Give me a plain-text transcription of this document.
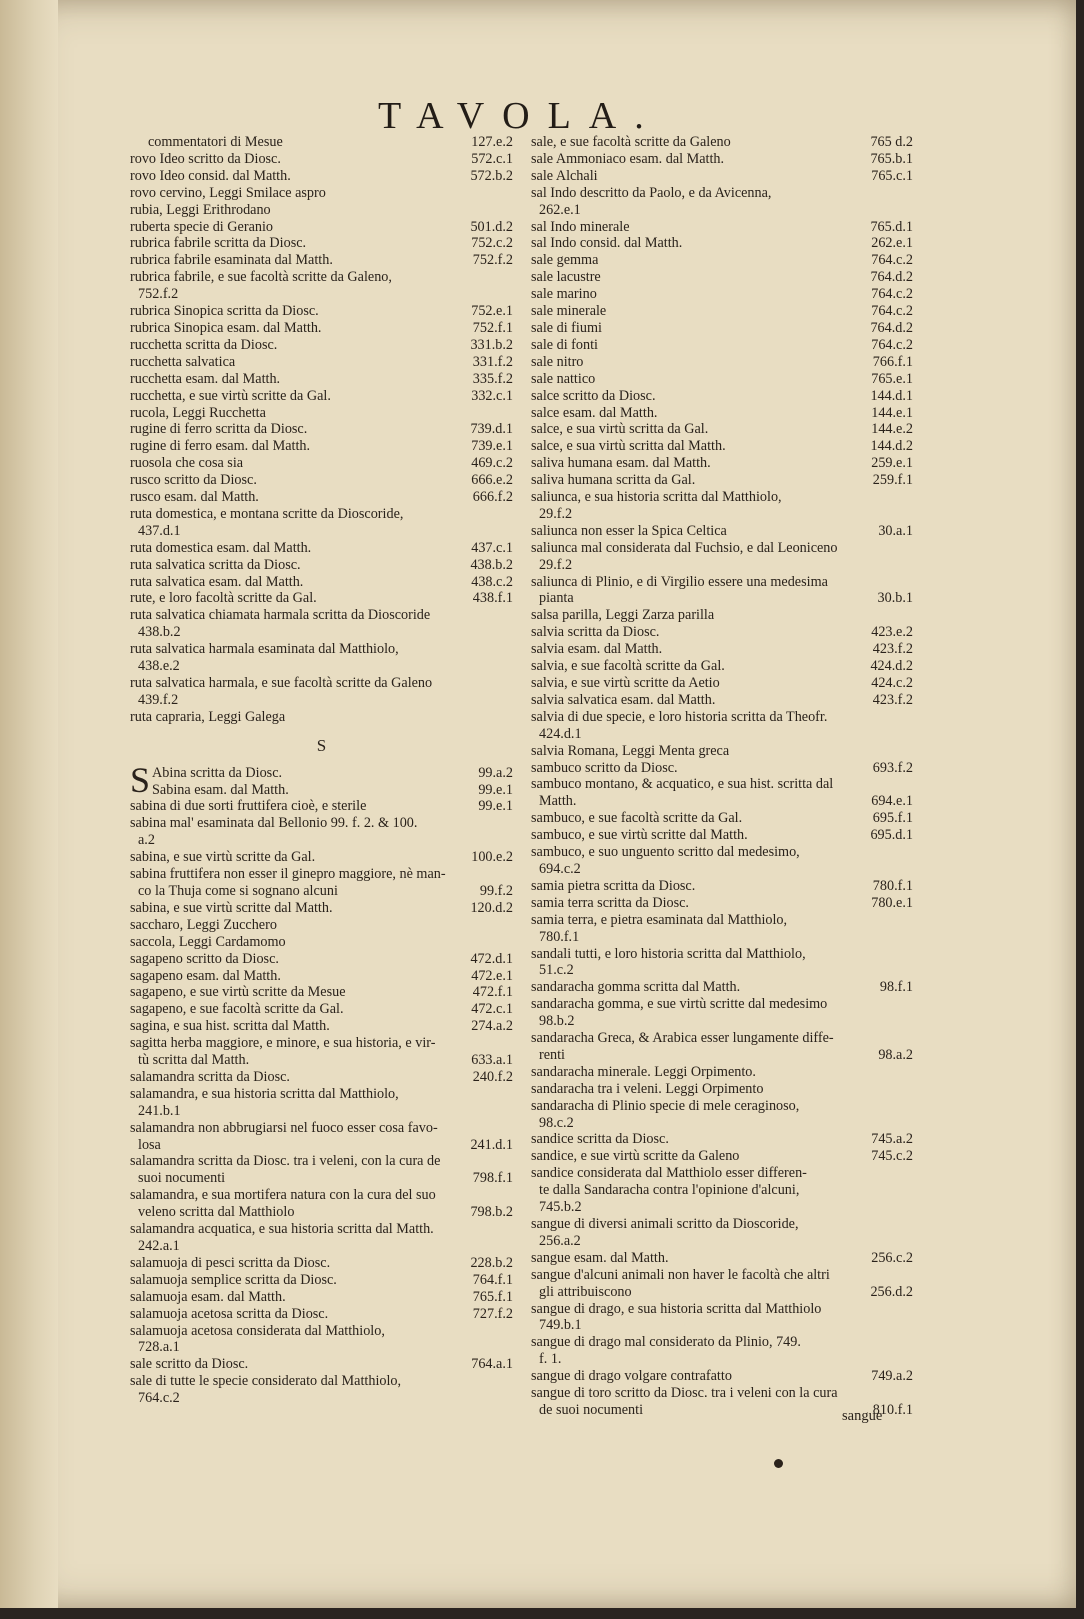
TAVOLA.
commentatori di Mesue	127.e.2
rovo Ideo scritto da Diosc.	572.c.1
rovo Ideo consid. dal Matth.	572.b.2
rovo cervino, Leggi Smilace aspro
rubia, Leggi Erithrodano
ruberta specie di Geranio	501.d.2
rubrica fabrile scritta da Diosc.	752.c.2
rubrica fabrile esaminata dal Matth.	752.f.2
rubrica fabrile, e sue facoltà scritte da Galeno,
752.f.2
rubrica Sinopica scritta da Diosc.	752.e.1
rubrica Sinopica esam. dal Matth.	752.f.1
rucchetta scritta da Diosc.	331.b.2
rucchetta salvatica	331.f.2
rucchetta esam. dal Matth.	335.f.2
rucchetta, e sue virtù scritte da Gal.	332.c.1
rucola, Leggi Rucchetta
rugine di ferro scritta da Diosc.	739.d.1
rugine di ferro esam. dal Matth.	739.e.1
ruosola che cosa sia	469.c.2
rusco scritto da Diosc.	666.e.2
rusco esam. dal Matth.	666.f.2
ruta domestica, e montana scritte da Dioscoride,
437.d.1
ruta domestica esam. dal Matth.	437.c.1
ruta salvatica scritta da Diosc.	438.b.2
ruta salvatica esam. dal Matth.	438.c.2
rute, e loro facoltà scritte da Gal.	438.f.1
ruta salvatica chiamata harmala scritta da Dioscoride
438.b.2
ruta salvatica harmala esaminata dal Matthiolo,
438.e.2
ruta salvatica harmala, e sue facoltà scritte da Galeno
439.f.2
ruta capraria, Leggi Galega
S
S Abina scritta da Diosc.	99.a.2
Sabina esam. dal Matth.	99.e.1
sabina di due sorti fruttifera cioè, e sterile	99.e.1
sabina mal' esaminata dal Bellonio 99. f. 2. & 100.
a.2
sabina, e sue virtù scritte da Gal.	100.e.2
sabina fruttifera non esser il ginepro maggiore, nè man-
co la Thuja come si sognano alcuni	99.f.2
sabina, e sue virtù scritte dal Matth.	120.d.2
saccharo, Leggi Zucchero
saccola, Leggi Cardamomo
sagapeno scritto da Diosc.	472.d.1
sagapeno esam. dal Matth.	472.e.1
sagapeno, e sue virtù scritte da Mesue	472.f.1
sagapeno, e sue facoltà scritte da Gal.	472.c.1
sagina, e sua hist. scritta dal Matth.	274.a.2
sagitta herba maggiore, e minore, e sua historia, e vir-
tù scritta dal Matth.	633.a.1
salamandra scritta da Diosc.	240.f.2
salamandra, e sua historia scritta dal Matthiolo,
241.b.1
salamandra non abbrugiarsi nel fuoco esser cosa favo-
losa	241.d.1
salamandra scritta da Diosc. tra i veleni, con la cura de
suoi nocumenti	798.f.1
salamandra, e sua mortifera natura con la cura del suo
veleno scritta dal Matthiolo	798.b.2
salamandra acquatica, e sua historia scritta dal Matth.
242.a.1
salamuoja di pesci scritta da Diosc.	228.b.2
salamuoja semplice scritta da Diosc.	764.f.1
salamuoja esam. dal Matth.	765.f.1
salamuoja acetosa scritta da Diosc.	727.f.2
salamuoja acetosa considerata dal Matthiolo,
728.a.1
sale scritto da Diosc.	764.a.1
sale di tutte le specie considerato dal Matthiolo,
764.c.2
sale, e sue facoltà scritte da Galeno	765 d.2
sale Ammoniaco esam. dal Matth.	765.b.1
sale Alchali	765.c.1
sal Indo descritto da Paolo, e da Avicenna,
262.e.1
sal Indo minerale	765.d.1
sal Indo consid. dal Matth.	262.e.1
sale gemma	764.c.2
sale lacustre	764.d.2
sale marino	764.c.2
sale minerale	764.c.2
sale di fiumi	764.d.2
sale di fonti	764.c.2
sale nitro	766.f.1
sale nattico	765.e.1
salce scritto da Diosc.	144.d.1
salce esam. dal Matth.	144.e.1
salce, e sua virtù scritta da Gal.	144.e.2
salce, e sua virtù scritta dal Matth.	144.d.2
saliva humana esam. dal Matth.	259.e.1
saliva humana scritta da Gal.	259.f.1
saliunca, e sua historia scritta dal Matthiolo,
29.f.2
saliunca non esser la Spica Celtica	30.a.1
saliunca mal considerata dal Fuchsio, e dal Leoniceno
29.f.2
saliunca di Plinio, e di Virgilio essere una medesima
pianta	30.b.1
salsa parilla, Leggi Zarza parilla
salvia scritta da Diosc.	423.e.2
salvia esam. dal Matth.	423.f.2
salvia, e sue facoltà scritte da Gal.	424.d.2
salvia, e sue virtù scritte da Aetio	424.c.2
salvia salvatica esam. dal Matth.	423.f.2
salvia di due specie, e loro historia scritta da Theofr.
424.d.1
salvia Romana, Leggi Menta greca
sambuco scritto da Diosc.	693.f.2
sambuco montano, & acquatico, e sua hist. scritta dal
Matth.	694.e.1
sambuco, e sue facoltà scritte da Gal.	695.f.1
sambuco, e sue virtù scritte dal Matth.	695.d.1
sambuco, e suo unguento scritto dal medesimo,
694.c.2
samia pietra scritta da Diosc.	780.f.1
samia terra scritta da Diosc.	780.e.1
samia terra, e pietra esaminata dal Matthiolo,
780.f.1
sandali tutti, e loro historia scritta dal Matthiolo,
51.c.2
sandaracha gomma scritta dal Matth.	98.f.1
sandaracha gomma, e sue virtù scritte dal medesimo
98.b.2
sandaracha Greca, & Arabica esser lungamente diffe-
renti	98.a.2
sandaracha minerale. Leggi Orpimento.
sandaracha tra i veleni. Leggi Orpimento
sandaracha di Plinio specie di mele ceraginoso,
98.c.2
sandice scritta da Diosc.	745.a.2
sandice, e sue virtù scritte da Galeno	745.c.2
sandice considerata dal Matthiolo esser differen-
te dalla Sandaracha contra l'opinione d'alcuni,
745.b.2
sangue di diversi animali scritto da Dioscoride,
256.a.2
sangue esam. dal Matth.	256.c.2
sangue d'alcuni animali non haver le facoltà che altri
gli attribuiscono	256.d.2
sangue di drago, e sua historia scritta dal Matthiolo
749.b.1
sangue di drago mal considerato da Plinio, 749.
f. 1.
sangue di drago volgare contrafatto	749.a.2
sangue di toro scritto da Diosc. tra i veleni con la cura
de suoi nocumenti	810.f.1
sangue
